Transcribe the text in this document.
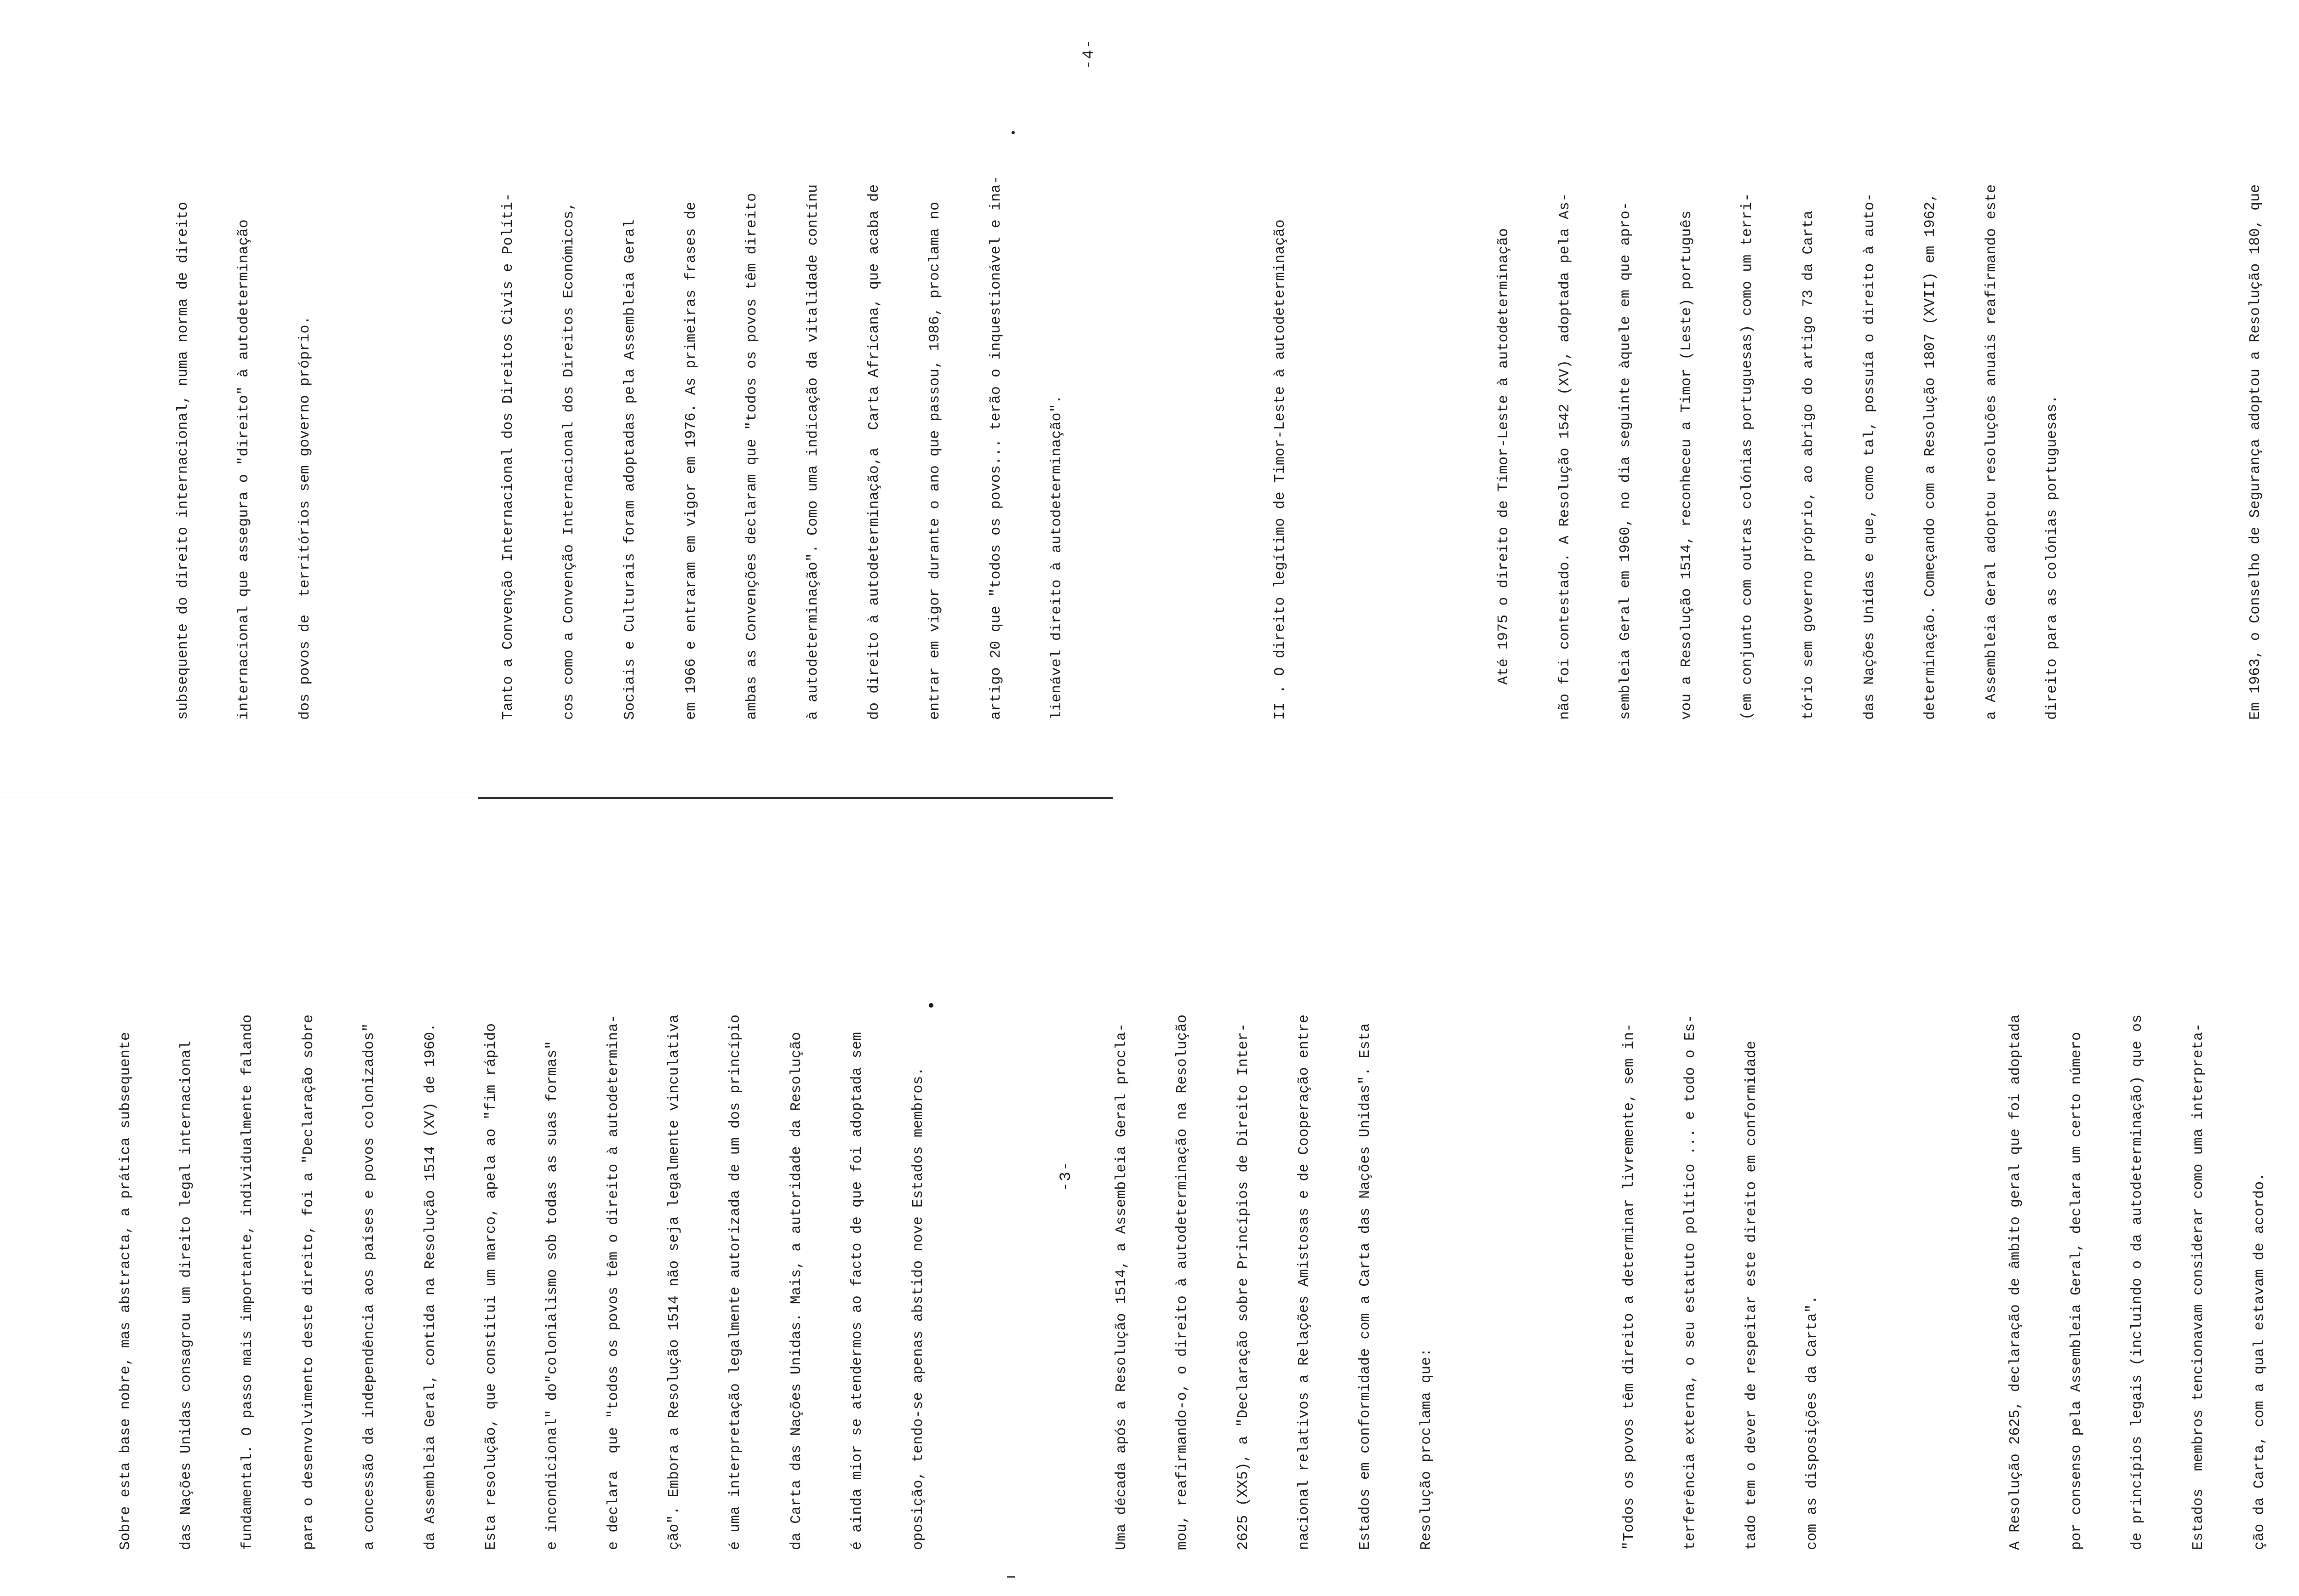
-3-

Sobre esta base nobre, mas abstracta, a prática subsequente

	das Nações Unidas consagrou um direito legal internacional

	fundamental. O passo mais importante, individualmente falando

	para o desenvolvimento deste direito, foi a "Declaração sobre

	a concessão da independência aos países e povos colonizados"

	da Assembleia Geral, contida na Resolução 1514 (XV) de 1960.

	Esta resolução, que constitui um marco, apela ao "fim rápido

	e incondicional" do"colonialismo sob todas as suas formas"

	e declara  que "todos os povos têm o direito à autodetermina-

	ção". Embora a Resolução 1514 não seja legalmente vinculativa

	é uma interpretação legalmente autorizada de um dos princípio

	da Carta das Nações Unidas. Mais, a autoridade da Resolução

	é ainda mior se atendermos ao facto de que foi adoptada sem

	oposição, tendo-se apenas abstido nove Estados membros.

	Uma década após a Resolução 1514, a Assembleia Geral procla-

	mou, reafirmando-o, o direito à autodeterminação na Resolução

	2625 (XX5), a "Declaração sobre Princípios de Direito Inter-

	nacional relativos a Relações Amistosas e de Cooperação entre

	Estados em conformidade com a Carta das Nações Unidas". Esta

	Resolução proclama que:

	"Todos os povos têm direito a determinar livremente, sem in-

	terferência externa, o seu estatuto político ... e todo o Es-

	tado tem o dever de respeitar este direito em conformidade

	com as disposições da Carta".

	A Resolução 2625, declaração de âmbito geral que foi adoptada

	por consenso pela Assembleia Geral, declara um certo número

	de princípios legais (incluindo o da autodeterminação) que os

	Estados  membros tencionavam considerar como uma interpreta-

	ção da Carta, com a qual estavam de acordo.

-4-

subsequente do direito internacional, numa norma de direito

	internacional que assegura o "direito" à autodeterminação

	dos povos de  territórios sem governo próprio.

	Tanto a Convenção Internacional dos Direitos Civis e Políti-

	cos como a Convenção Internacional dos Direitos Económicos,

	Sociais e Culturais foram adoptadas pela Assembleia Geral

	em 1966 e entraram em vigor em 1976. As primeiras frases de

	ambas as Convenções declaram que "todos os povos têm direito

	à autodeterminação". Como uma indicação da vitalidade contínu

	do direito à autodeterminação,a  Carta Africana, que acaba de

	entrar em vigor durante o ano que passou, 1986, proclama no

	artigo 20 que "todos os povos... terão o inquestionável e ina-

	lienável direito à autodeterminação".

	II . O direito legítimo de Timor-Leste à autodeterminação

	Até 1975 o direito de Timor-Leste à autodeterminação

	não foi contestado. A Resolução 1542 (XV), adoptada pela As-

	sembleia Geral em 1960, no dia seguinte àquele em que apro-

	vou a Resolução 1514, reconheceu a Timor (Leste) português

	(em conjunto com outras colónias portuguesas) como um terri-

	tório sem governo próprio, ao abrigo do artigo 73 da Carta

	das Nações Unidas e que, como tal, possuía o direito à auto-

	determinação. Começando com a Resolução 1807 (XVII) em 1962,

	a Assembleia Geral adoptou resoluções anuais reafirmando este

	direito para as colónias portuguesas.

	Em 1963, o Conselho de Segurança adoptou a Resolução 180, que
